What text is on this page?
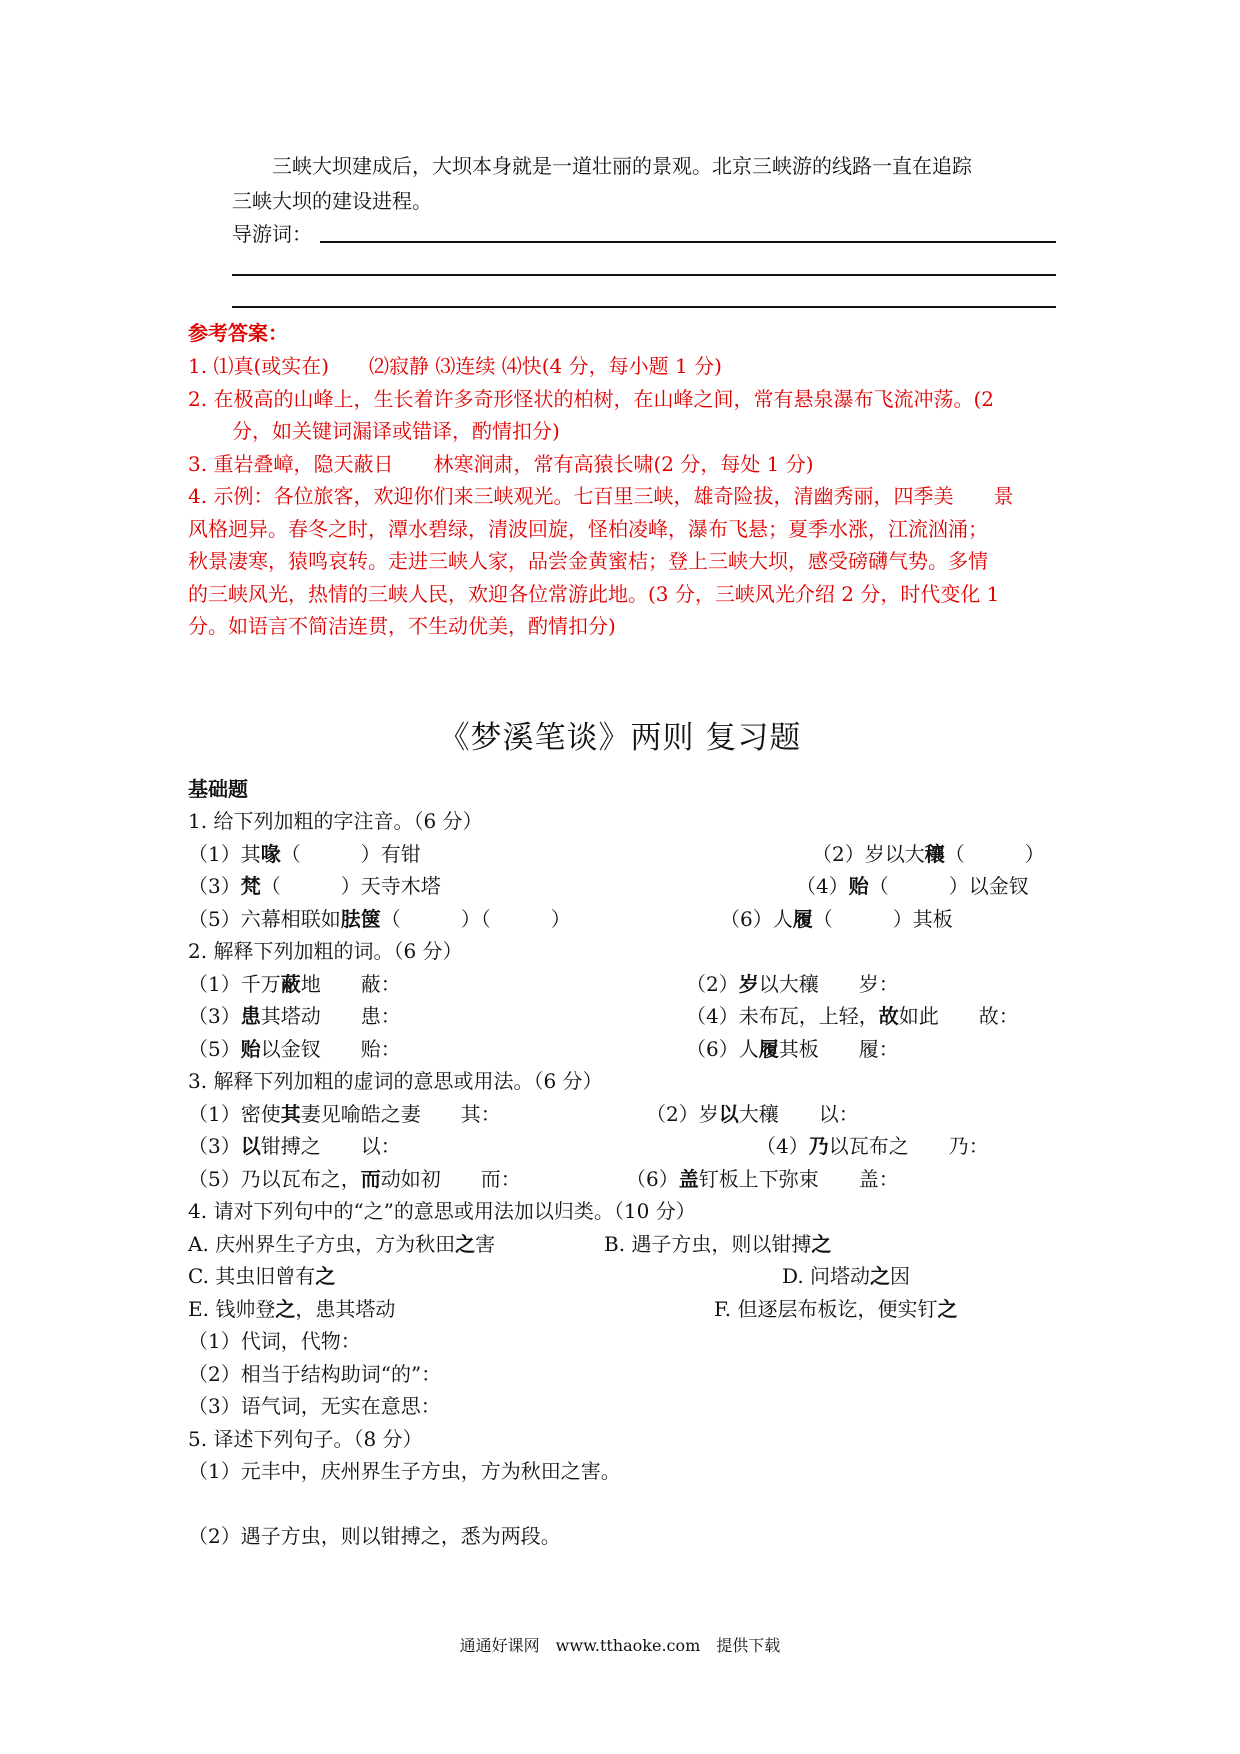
三峡大坝建成后，大坝本身就是一道壮丽的景观。北京三峡游的线路一直在追踪
三峡大坝的建设进程。
导游词：
参考答案：
1. ⑴真(或实在)　　⑵寂静 ⑶连续 ⑷快(4 分，每小题 1 分)
2. 在极高的山峰上，生长着许多奇形怪状的柏树，在山峰之间，常有悬泉瀑布飞流冲荡。(2
分，如关键词漏译或错译，酌情扣分)
3. 重岩叠嶂，隐天蔽日　　林寒涧肃，常有高猿长啸(2 分，每处 1 分)
4. 示例：各位旅客，欢迎你们来三峡观光。七百里三峡，雄奇险拔，清幽秀丽，四季美　　景
风格迥异。春冬之时，潭水碧绿，清波回旋，怪柏凌峰，瀑布飞悬；夏季水涨，江流汹涌；
秋景凄寒，猿鸣哀转。走进三峡人家，品尝金黄蜜桔；登上三峡大坝，感受磅礴气势。多情
的三峡风光，热情的三峡人民，欢迎各位常游此地。(3 分，三峡风光介绍 2 分，时代变化 1
分。如语言不简洁连贯，不生动优美，酌情扣分)
《梦溪笔谈》两则 复习题
基础题
1. 给下列加粗的字注音。（6 分）
（1）其喙（　　　）有钳	（2）岁以大穰（　　　）
（3）梵（　　　）天寺木塔	（4）贻（　　　）以金钗
（5）六幕相联如胠箧（　　　）（　　　）	（6）人履（　　　）其板
2. 解释下列加粗的词。（6 分）
（1）千万蔽地　　蔽：	（2）岁以大穰　　岁：
（3）患其塔动　　患：	（4）未布瓦，上轻，故如此　　故：
（5）贻以金钗　　贻：	（6）人履其板　　履：
3. 解释下列加粗的虚词的意思或用法。（6 分）
（1）密使其妻见喻皓之妻　　其：	（2）岁以大穰　　以：
（3）以钳搏之　　以：	（4）乃以瓦布之　　乃：
（5）乃以瓦布之，而动如初　　而：	（6）盖钉板上下弥束　　盖：
4. 请对下列句中的“之”的意思或用法加以归类。（10 分）
A. 庆州界生子方虫，方为秋田之害	B. 遇子方虫，则以钳搏之
C. 其虫旧曾有之	D. 问塔动之因
E. 钱帅登之，患其塔动	F. 但逐层布板讫，便实钉之
（1）代词，代物：
（2）相当于结构助词“的”：
（3）语气词，无实在意思：
5. 译述下列句子。（8 分）
（1）元丰中，庆州界生子方虫，方为秋田之害。
（2）遇子方虫，则以钳搏之，悉为两段。
通通好课网　www.tthaoke.com　提供下载
